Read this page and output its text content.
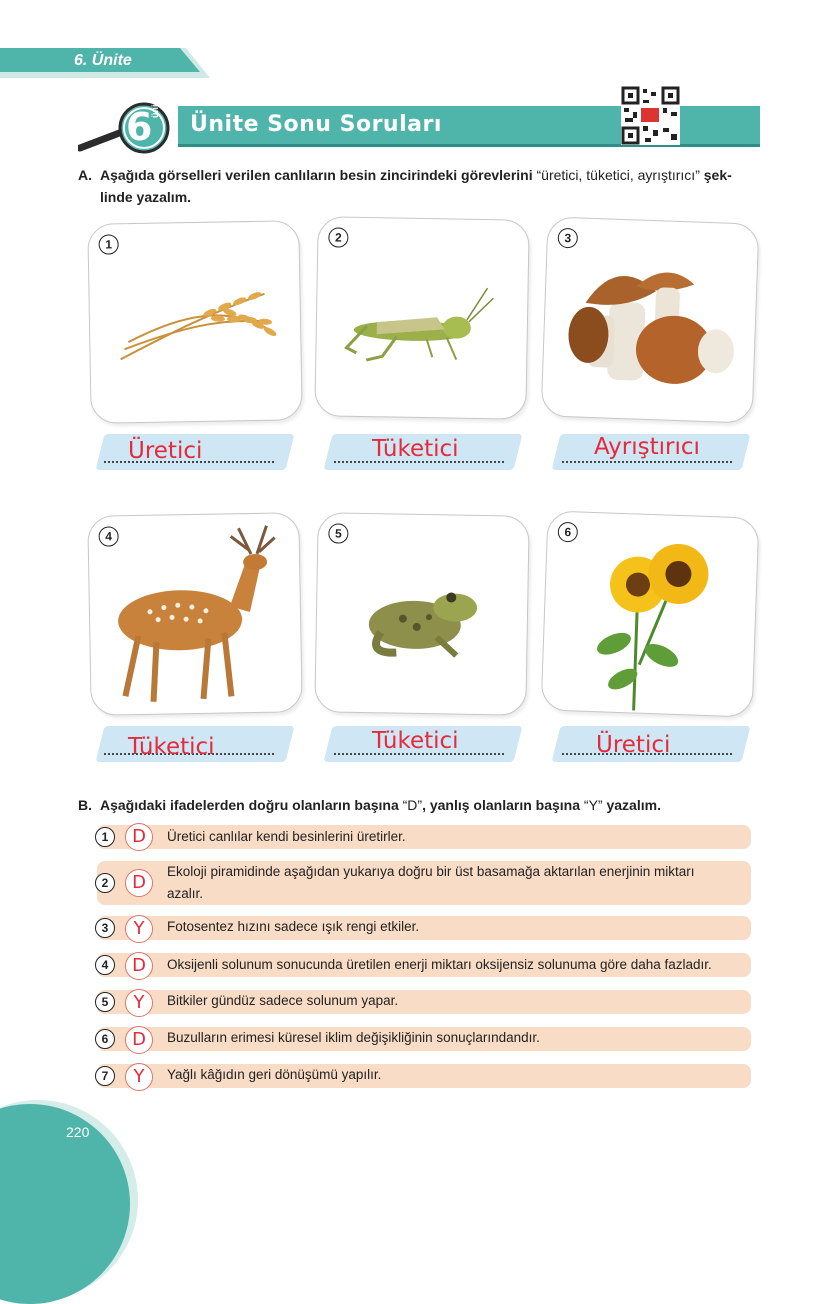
6. Ünite
Ünite Sonu Soruları
6
ünite
A. Aşağıda görselleri verilen canlıların besin zincirindeki görevlerini “üretici, tüketici, ayrıştırıcı” şek-
linde yazalım.
1	2	3
4	5	6
Üretici	Tüketici	Ayrıştırıcı
Tüketici	Tüketici	Üretici
B. Aşağıdaki ifadelerden doğru olanların başına “D”, yanlış olanların başına “Y” yazalım.
1	D	Üretici canlılar kendi besinlerini üretirler.
2	D
Ekoloji piramidinde aşağıdan yukarıya doğru bir üst basamağa aktarılan enerjinin miktarı
azalır.
3	Y	Fotosentez hızını sadece ışık rengi etkiler.
4	D	Oksijenli solunum sonucunda üretilen enerji miktarı oksijensiz solunuma göre daha fazladır.
5	Y	Bitkiler gündüz sadece solunum yapar.
6	D	Buzulların erimesi küresel iklim değişikliğinin sonuçlarındandır.
7	Y	Yağlı kâğıdın geri dönüşümü yapılır.
220
